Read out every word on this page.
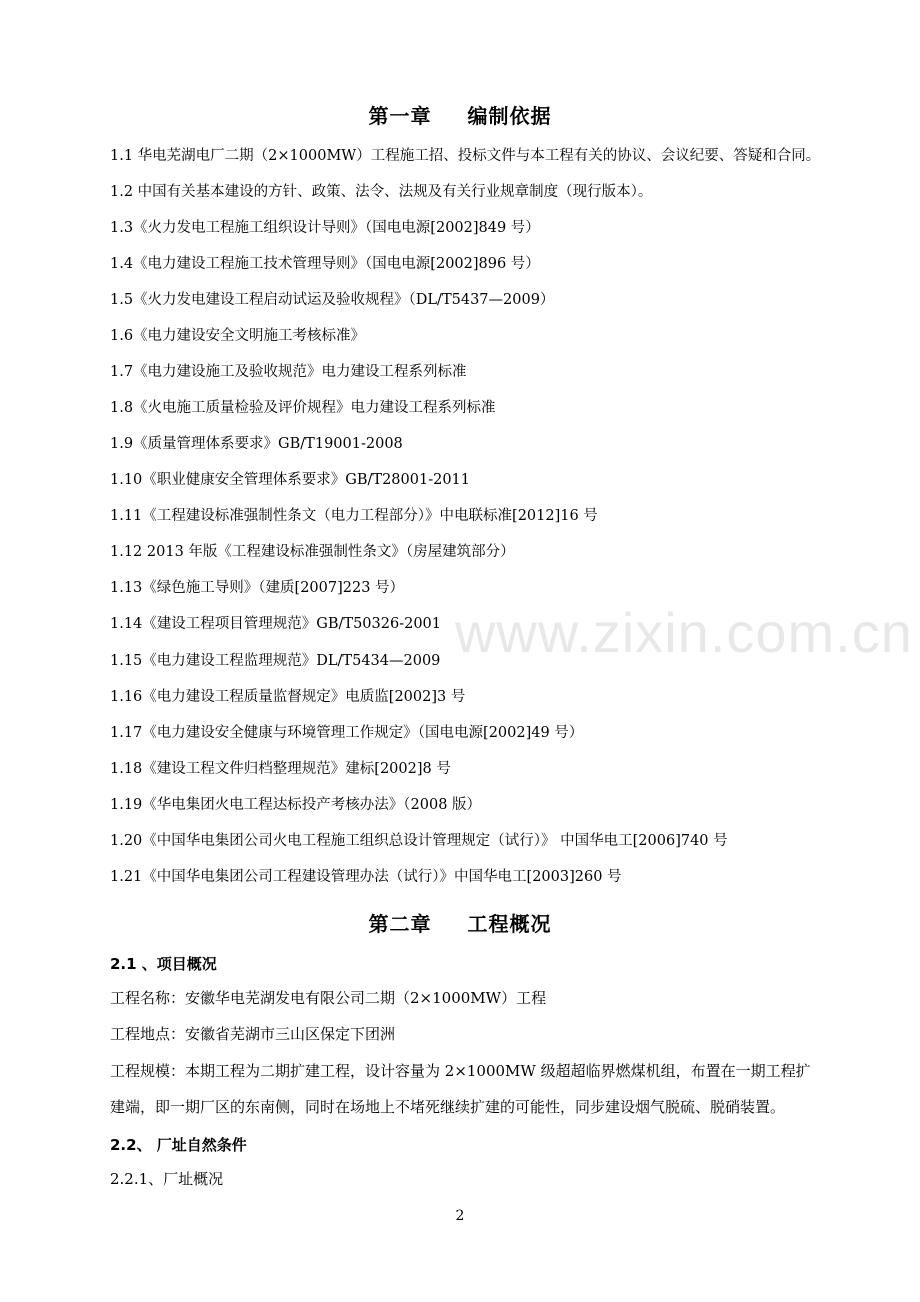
第一章 编制依据
1.1 华电芜湖电厂二期（2×1000MW）工程施工招、投标文件与本工程有关的协议、会议纪要、答疑和合同。
1.2 中国有关基本建设的方针、政策、法令、法规及有关行业规章制度（现行版本）。
1.3《火力发电工程施工组织设计导则》（国电电源[2002]849 号）
1.4《电力建设工程施工技术管理导则》（国电电源[2002]896 号）
1.5《火力发电建设工程启动试运及验收规程》（DL/T5437—2009）
1.6《电力建设安全文明施工考核标准》
1.7《电力建设施工及验收规范》电力建设工程系列标准
1.8《火电施工质量检验及评价规程》电力建设工程系列标准
1.9《质量管理体系要求》GB/T19001-2008
1.10《职业健康安全管理体系要求》GB/T28001-2011
1.11《工程建设标准强制性条文（电力工程部分）》中电联标准[2012]16 号
1.12 2013 年版《工程建设标准强制性条文》（房屋建筑部分）
1.13《绿色施工导则》（建质[2007]223 号）
1.14《建设工程项目管理规范》GB/T50326-2001
1.15《电力建设工程监理规范》DL/T5434—2009
1.16《电力建设工程质量监督规定》电质监[2002]3 号
1.17《电力建设安全健康与环境管理工作规定》（国电电源[2002]49 号）
1.18《建设工程文件归档整理规范》建标[2002]8 号
1.19《华电集团火电工程达标投产考核办法》（2008 版）
1.20《中国华电集团公司火电工程施工组织总设计管理规定（试行）》 中国华电工[2006]740 号
1.21《中国华电集团公司工程建设管理办法（试行）》中国华电工[2003]260 号
第二章 工程概况
2.1 、项目概况
工程名称：安徽华电芜湖发电有限公司二期（2×1000MW）工程
工程地点：安徽省芜湖市三山区保定下团洲
工程规模：本期工程为二期扩建工程，设计容量为 2×1000MW 级超超临界燃煤机组，布置在一期工程扩
建端，即一期厂区的东南侧，同时在场地上不堵死继续扩建的可能性，同步建设烟气脱硫、脱硝装置。
2.2、 厂址自然条件
2.2.1、厂址概况
www.zixin.com.cn
2
